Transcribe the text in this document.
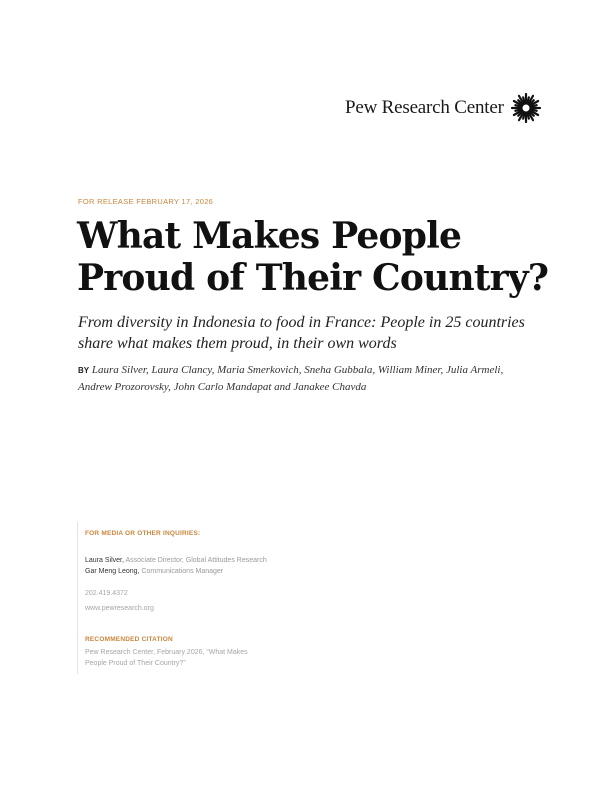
Pew Research Center
FOR RELEASE FEBRUARY 17, 2026
What Makes People
Proud of Their Country?
From diversity in Indonesia to food in France: People in 25 countries share what makes them proud, in their own words
BY Laura Silver, Laura Clancy, Maria Smerkovich, Sneha Gubbala, William Miner, Julia Armeli, Andrew Prozorovsky, John Carlo Mandapat and Janakee Chavda
FOR MEDIA OR OTHER INQUIRIES:
Laura Silver, Associate Director, Global Attitudes Research
Gar Meng Leong, Communications Manager
202.419.4372
www.pewresearch.org
RECOMMENDED CITATION
Pew Research Center, February 2026, “What Makes
People Proud of Their Country?”
